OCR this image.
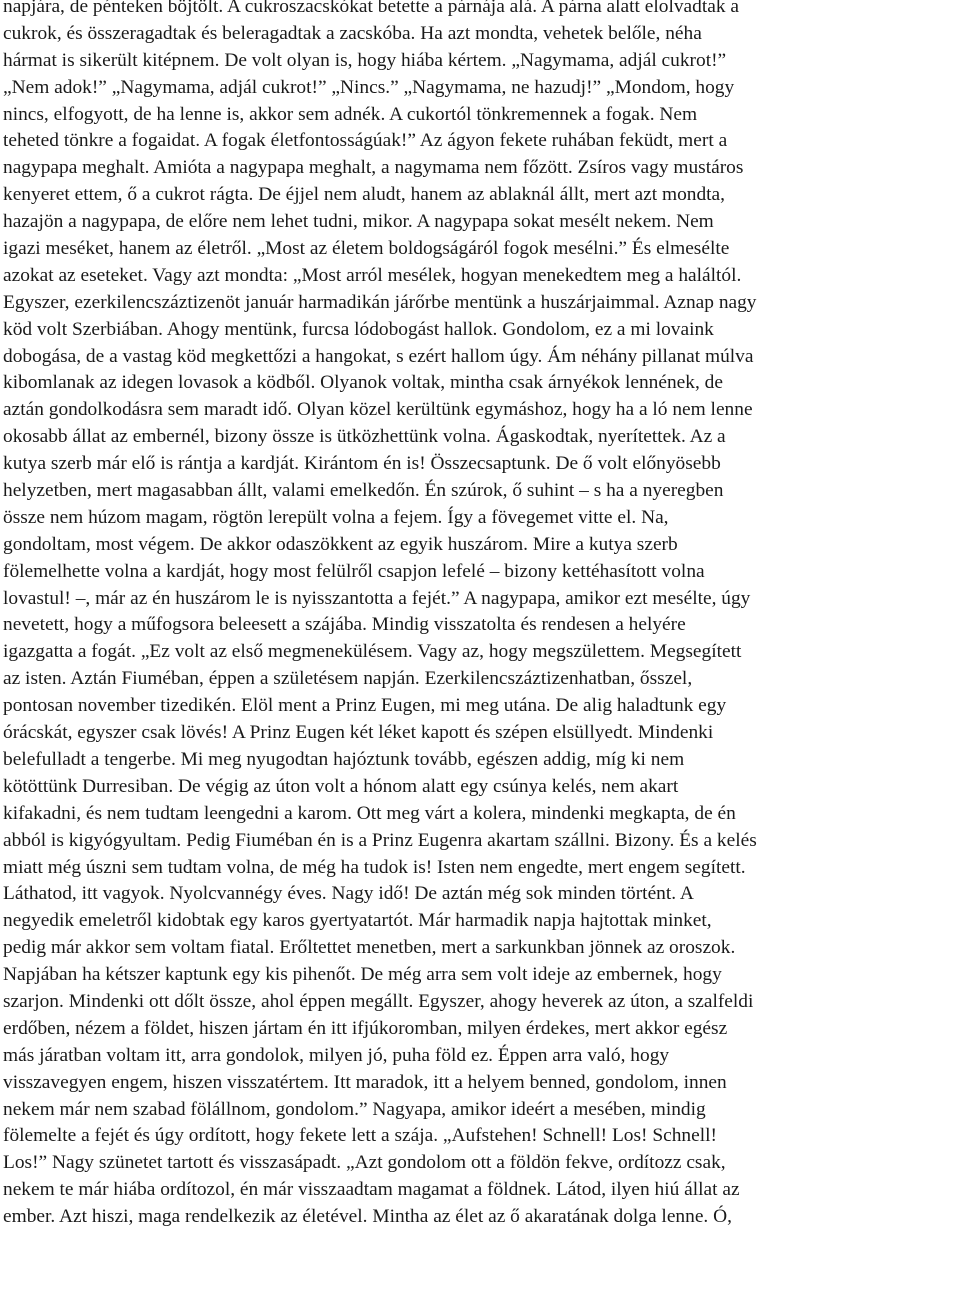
napjára, de pénteken böjtölt. A cukroszacskókat betette a párnája alá. A párna alatt elolvadtak a
cukrok, és összeragadtak és beleragadtak a zacskóba. Ha azt mondta, vehetek belőle, néha
hármat is sikerült kitépnem. De volt olyan is, hogy hiába kértem. „Nagymama, adjál cukrot!”
„Nem adok!” „Nagymama, adjál cukrot!” „Nincs.” „Nagymama, ne hazudj!” „Mondom, hogy
nincs, elfogyott, de ha lenne is, akkor sem adnék. A cukortól tönkremennek a fogak. Nem
teheted tönkre a fogaidat. A fogak életfontosságúak!” Az ágyon fekete ruhában feküdt, mert a
nagypapa meghalt. Amióta a nagypapa meghalt, a nagymama nem főzött. Zsíros vagy mustáros
kenyeret ettem, ő a cukrot rágta. De éjjel nem aludt, hanem az ablaknál állt, mert azt mondta,
hazajön a nagypapa, de előre nem lehet tudni, mikor. A nagypapa sokat mesélt nekem. Nem
igazi meséket, hanem az életről. „Most az életem boldogságáról fogok mesélni.” És elmesélte
azokat az eseteket. Vagy azt mondta: „Most arról mesélek, hogyan menekedtem meg a haláltól.
Egyszer, ezerkilencszáztizenöt január harmadikán járőrbe mentünk a huszárjaimmal. Aznap nagy
köd volt Szerbiában. Ahogy mentünk, furcsa lódobogást hallok. Gondolom, ez a mi lovaink
dobogása, de a vastag köd megkettőzi a hangokat, s ezért hallom úgy. Ám néhány pillanat múlva
kibomlanak az idegen lovasok a ködből. Olyanok voltak, mintha csak árnyékok lennének, de
aztán gondolkodásra sem maradt idő. Olyan közel kerültünk egymáshoz, hogy ha a ló nem lenne
okosabb állat az embernél, bizony össze is ütközhettünk volna. Ágaskodtak, nyerítettek. Az a
kutya szerb már elő is rántja a kardját. Kirántom én is! Összecsaptunk. De ő volt előnyösebb
helyzetben, mert magasabban állt, valami emelkedőn. Én szúrok, ő suhint – s ha a nyeregben
össze nem húzom magam, rögtön lerepült volna a fejem. Így a fövegemet vitte el. Na,
gondoltam, most végem. De akkor odaszökkent az egyik huszárom. Mire a kutya szerb
fölemelhette volna a kardját, hogy most felülről csapjon lefelé – bizony kettéhasított volna
lovastul! –, már az én huszárom le is nyisszantotta a fejét.” A nagypapa, amikor ezt mesélte, úgy
nevetett, hogy a műfogsora beleesett a szájába. Mindig visszatolta és rendesen a helyére
igazgatta a fogát. „Ez volt az első megmenekülésem. Vagy az, hogy megszülettem. Megsegített
az isten. Aztán Fiuméban, éppen a születésem napján. Ezerkilencszáztizenhatban, ősszel,
pontosan november tizedikén. Elöl ment a Prinz Eugen, mi meg utána. De alig haladtunk egy
órácskát, egyszer csak lövés! A Prinz Eugen két léket kapott és szépen elsüllyedt. Mindenki
belefulladt a tengerbe. Mi meg nyugodtan hajóztunk tovább, egészen addig, míg ki nem
kötöttünk Durresiban. De végig az úton volt a hónom alatt egy csúnya kelés, nem akart
kifakadni, és nem tudtam leengedni a karom. Ott meg várt a kolera, mindenki megkapta, de én
abból is kigyógyultam. Pedig Fiuméban én is a Prinz Eugenra akartam szállni. Bizony. És a kelés
miatt még úszni sem tudtam volna, de még ha tudok is! Isten nem engedte, mert engem segített.
Láthatod, itt vagyok. Nyolcvannégy éves. Nagy idő! De aztán még sok minden történt. A
negyedik emeletről kidobtak egy karos gyertyatartót. Már harmadik napja hajtottak minket,
pedig már akkor sem voltam fiatal. Erőltettet menetben, mert a sarkunkban jönnek az oroszok.
Napjában ha kétszer kaptunk egy kis pihenőt. De még arra sem volt ideje az embernek, hogy
szarjon. Mindenki ott dőlt össze, ahol éppen megállt. Egyszer, ahogy heverek az úton, a szalfeldi
erdőben, nézem a földet, hiszen jártam én itt ifjúkoromban, milyen érdekes, mert akkor egész
más járatban voltam itt, arra gondolok, milyen jó, puha föld ez. Éppen arra való, hogy
visszavegyen engem, hiszen visszatértem. Itt maradok, itt a helyem benned, gondolom, innen
nekem már nem szabad fölállnom, gondolom.” Nagyapa, amikor ideért a mesében, mindig
fölemelte a fejét és úgy ordított, hogy fekete lett a szája. „Aufstehen! Schnell! Los! Schnell!
Los!” Nagy szünetet tartott és visszasápadt. „Azt gondolom ott a földön fekve, ordítozz csak,
nekem te már hiába ordítozol, én már visszaadtam magamat a földnek. Látod, ilyen hiú állat az
ember. Azt hiszi, maga rendelkezik az életével. Mintha az élet az ő akaratának dolga lenne. Ó,
